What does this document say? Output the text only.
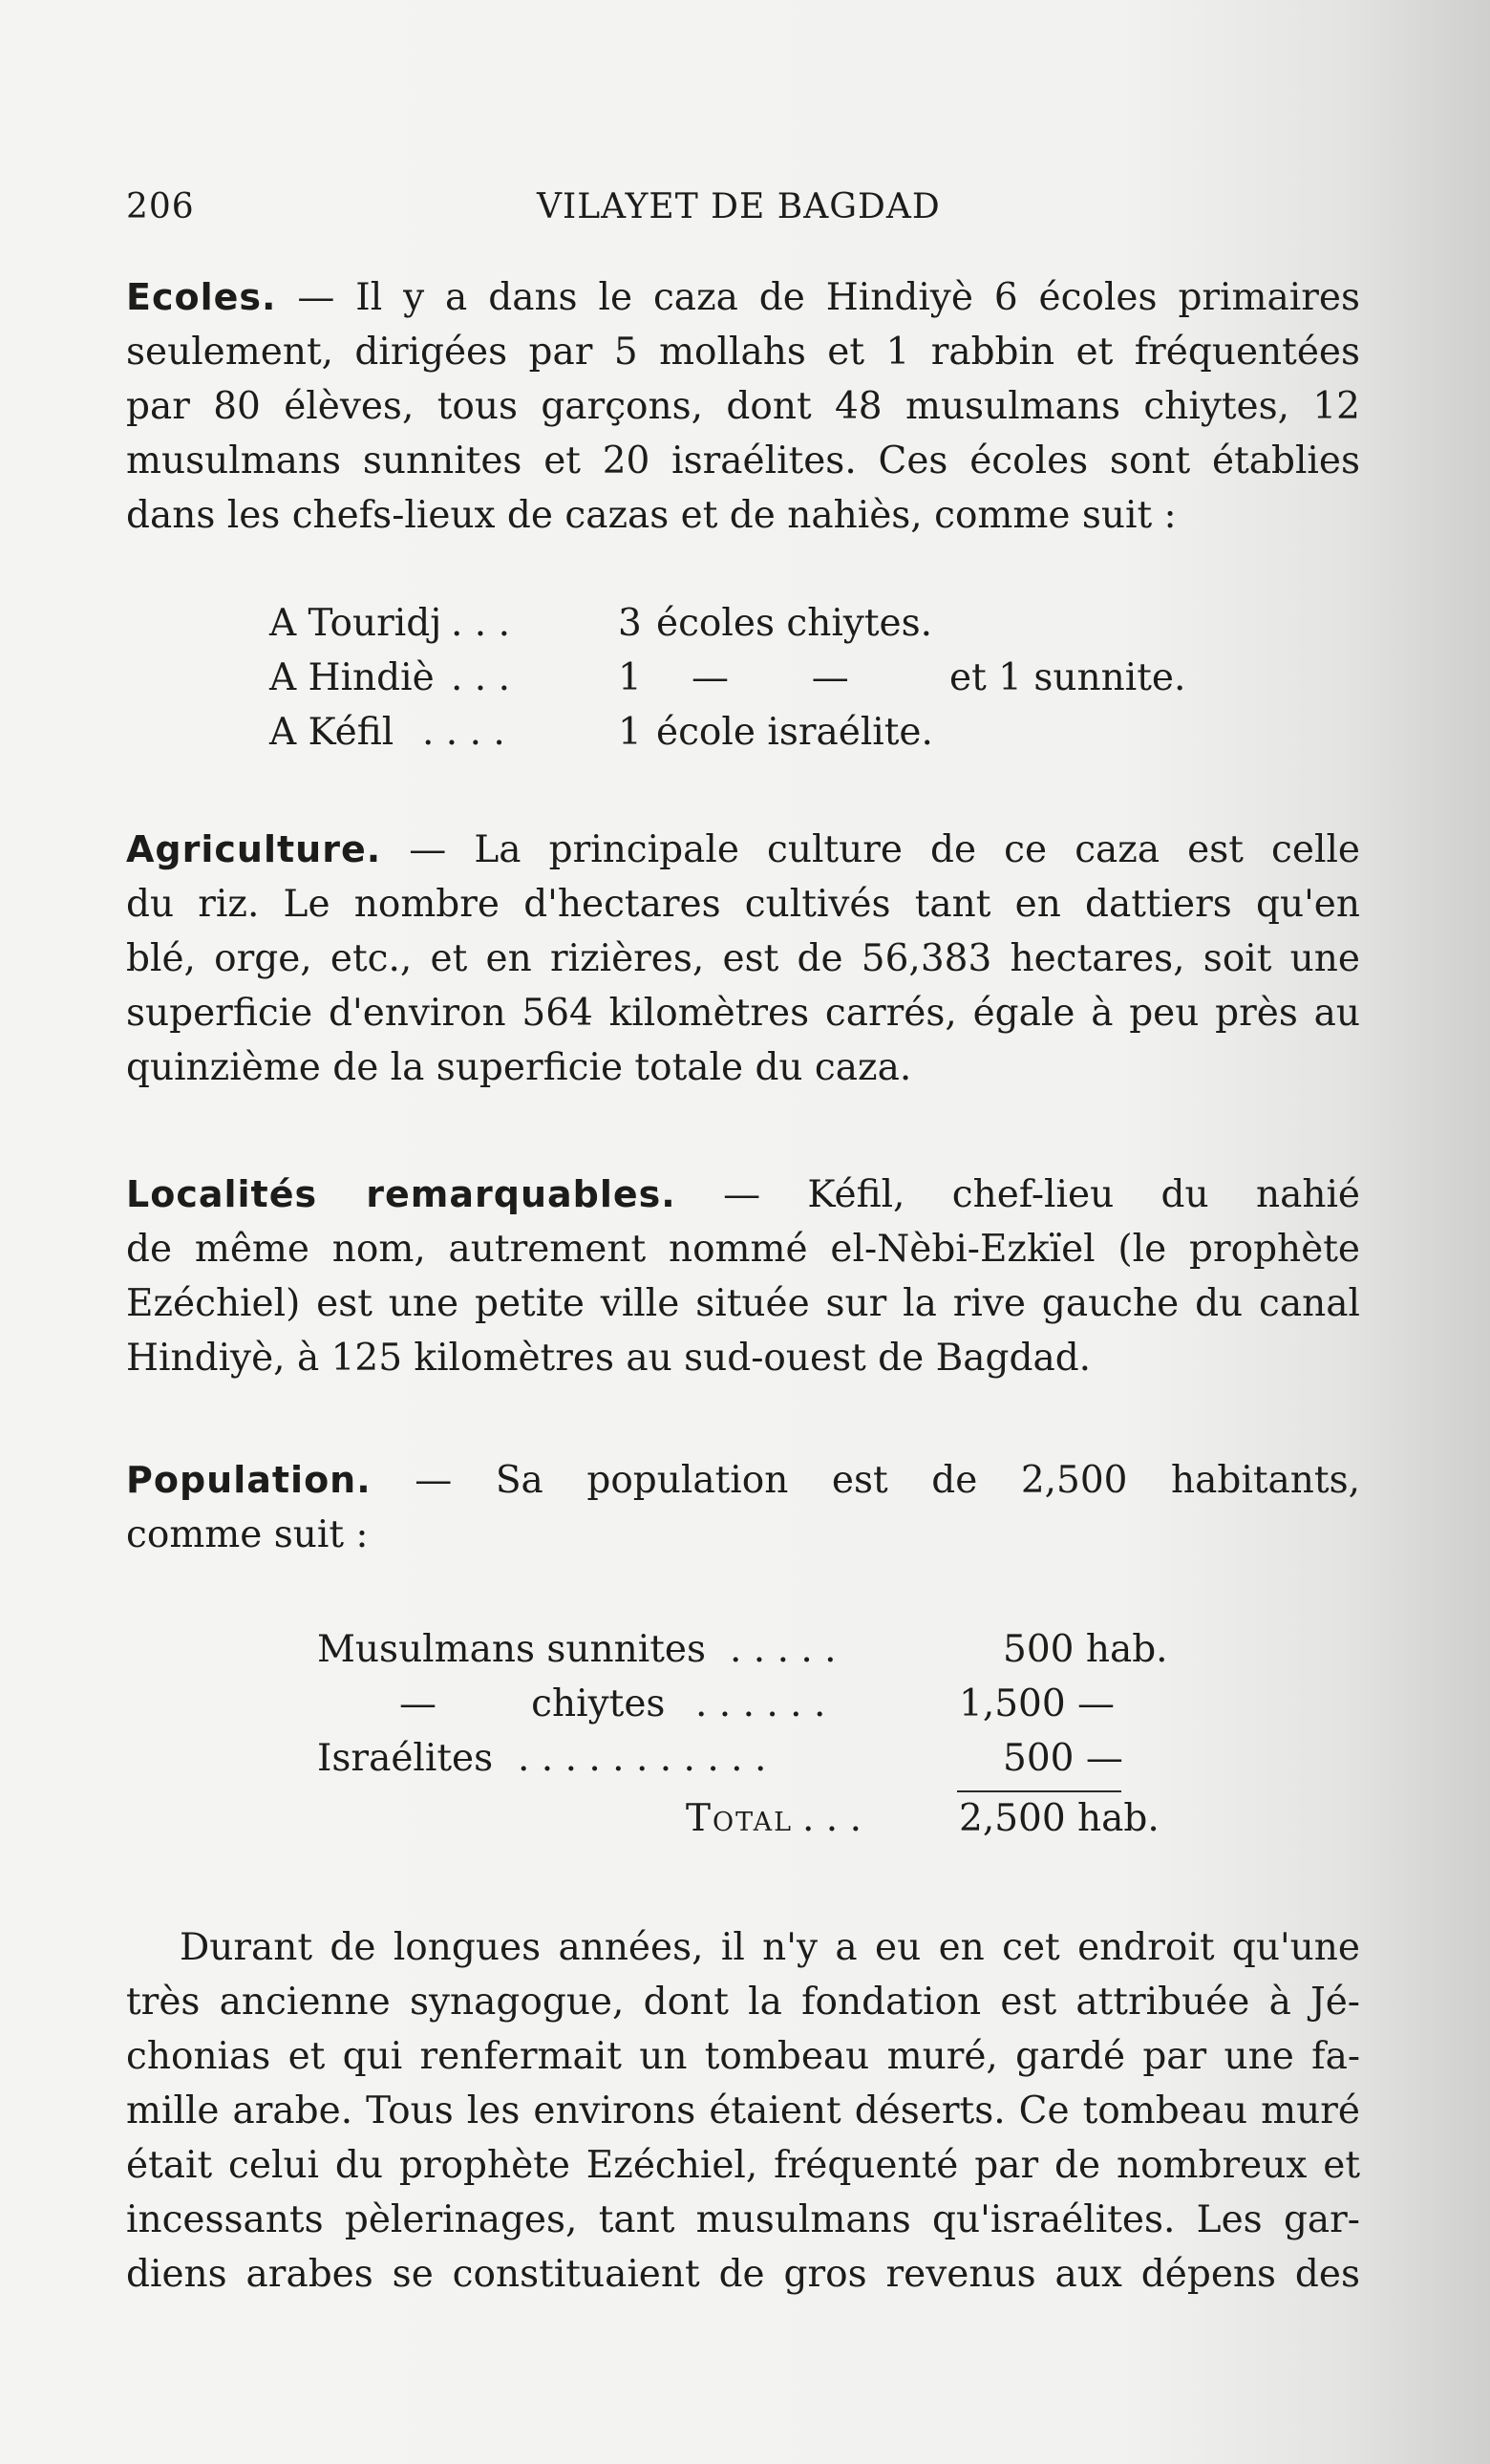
206	VILAYET DE BAGDAD

Ecoles. — Il y a dans le caza de Hindiyè 6 écoles primaires

seulement, dirigées par 5 mollahs et 1 rabbin et fréquentées

par 80 élèves, tous garçons, dont 48 musulmans chiytes, 12

musulmans sunnites et 20 israélites. Ces écoles sont établies

dans les chefs-lieux de cazas et de nahiès, comme suit :

A Touridj . . .	3 écoles chiytes.
A Hindiè . . .	1 —       —	et 1 sunnite.
A Kéfil . . . .	1 école israélite.

Agriculture. — La principale culture de ce caza est celle

du riz. Le nombre d'hectares cultivés tant en dattiers qu'en

blé, orge, etc., et en rizières, est de 56,383 hectares, soit une

superficie d'environ 564 kilomètres carrés, égale à peu près au

quinzième de la superficie totale du caza.

Localités remarquables. — Kéfil, chef-lieu du nahié

de même nom, autrement nommé el-Nèbi-Ezkïel (le prophète

Ezéchiel) est une petite ville située sur la rive gauche du canal

Hindiyè, à 125 kilomètres au sud-ouest de Bagdad.

Population. — Sa population est de 2,500 habitants,

comme suit :

Musulmans sunnites . . . . .	500 hab.
—        chiytes . . . . . .	1,500 —
Israélites . . . . . . . . . . .	500 —
Total . . .	2,500 hab.

Durant de longues années, il n'y a eu en cet endroit qu'une

très ancienne synagogue, dont la fondation est attribuée à Jé-

chonias et qui renfermait un tombeau muré, gardé par une fa-

mille arabe. Tous les environs étaient déserts. Ce tombeau muré

était celui du prophète Ezéchiel, fréquenté par de nombreux et

incessants pèlerinages, tant musulmans qu'israélites. Les gar-

diens arabes se constituaient de gros revenus aux dépens des
